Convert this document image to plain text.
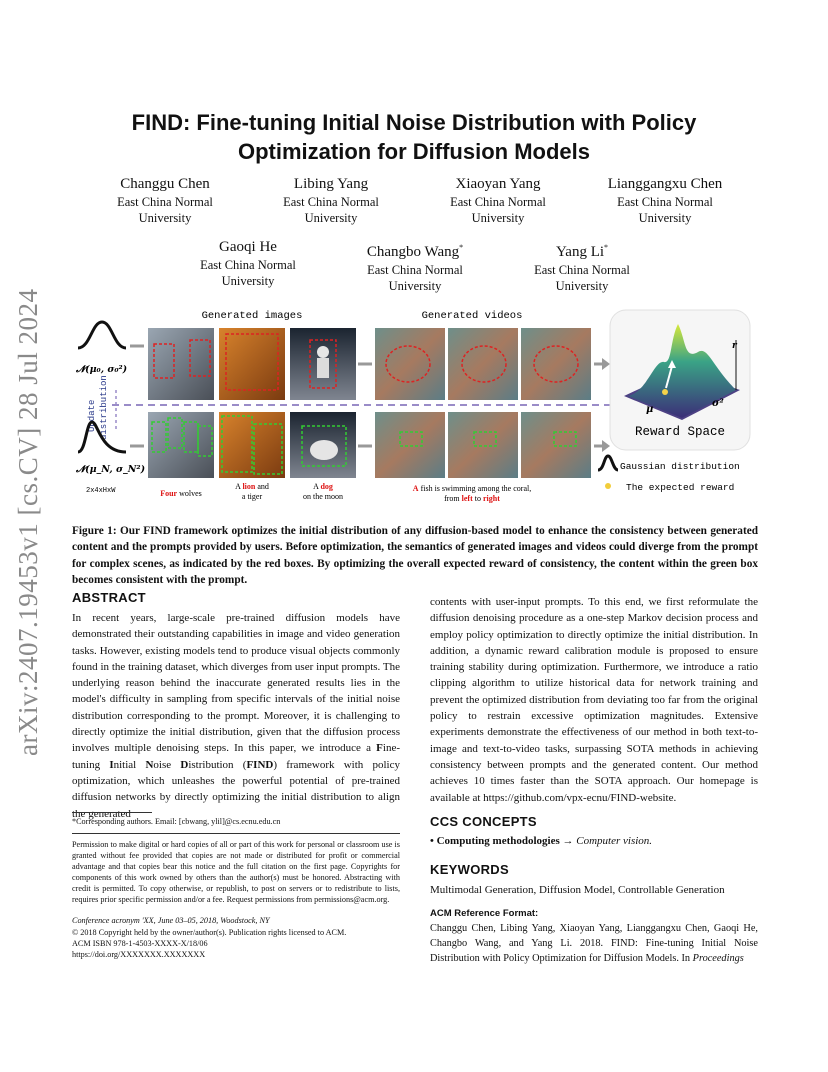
arXiv:2407.19453v1 [cs.CV] 28 Jul 2024
FIND: Fine-tuning Initial Noise Distribution with Policy Optimization for Diffusion Models
Changgu Chen
East China Normal
University
Libing Yang
East China Normal
University
Xiaoyan Yang
East China Normal
University
Lianggangxu Chen
East China Normal
University
Gaoqi He
East China Normal
University
Changbo Wang*
East China Normal
University
Yang Li*
East China Normal
University
Generated images	Generated videos
𝓝(μ₀, σ₀²)
Update distribution
𝓝(μ_N, σ_N²)
2x4xHxW	Four wolves
A lion and
a tiger
A dog
on the moon
A fish is swimming among the coral,
from left to right
r
μ
σ²
Reward Space
Gaussian distribution
The expected reward

Figure 1: Our FIND framework optimizes the initial distribution of any diffusion-based model to enhance the consistency between generated content and the prompts provided by users. Before optimization, the semantics of generated images and videos could diverge from the prompt for complex scenes, as indicated by the red boxes. By optimizing the overall expected reward of consistency, the content within the green box becomes consistent with the prompt.

ABSTRACT

In recent years, large-scale pre-trained diffusion models have demonstrated their outstanding capabilities in image and video generation tasks. However, existing models tend to produce visual objects commonly found in the training dataset, which diverges from user input prompts. The underlying reason behind the inaccurate generated results lies in the model's difficulty in sampling from specific intervals of the initial noise distribution corresponding to the prompt. Moreover, it is challenging to directly optimize the initial distribution, given that the diffusion process involves multiple denoising steps. In this paper, we introduce a Fine-tuning Initial Noise Distribution (FIND) framework with policy optimization, which unleashes the powerful potential of pre-trained diffusion networks by directly optimizing the initial distribution to align the generated

contents with user-input prompts. To this end, we first reformulate the diffusion denoising procedure as a one-step Markov decision process and employ policy optimization to directly optimize the initial distribution. In addition, a dynamic reward calibration module is proposed to ensure training stability during optimization. Furthermore, we introduce a ratio clipping algorithm to utilize historical data for network training and prevent the optimized distribution from deviating too far from the original policy to restrain excessive optimization magnitudes. Extensive experiments demonstrate the effectiveness of our method in both text-to-image and text-to-video tasks, surpassing SOTA methods in achieving consistency between prompts and the generated content. Our method achieves 10 times faster than the SOTA approach. Our homepage is available at https://github.com/vpx-ecnu/FIND-website.

*Corresponding authors. Email: [cbwang, ylil]@cs.ecnu.edu.cn

Permission to make digital or hard copies of all or part of this work for personal or classroom use is granted without fee provided that copies are not made or distributed for profit or commercial advantage and that copies bear this notice and the full citation on the first page. Copyrights for components of this work owned by others than the author(s) must be honored. Abstracting with credit is permitted. To copy otherwise, or republish, to post on servers or to redistribute to lists, requires prior specific permission and/or a fee. Request permissions from permissions@acm.org.

Conference acronym 'XX, June 03–05, 2018, Woodstock, NY

© 2018 Copyright held by the owner/author(s). Publication rights licensed to ACM.

ACM ISBN 978-1-4503-XXXX-X/18/06

https://doi.org/XXXXXXX.XXXXXXX

CCS CONCEPTS

• Computing methodologies → Computer vision.

KEYWORDS

Multimodal Generation, Diffusion Model, Controllable Generation

ACM Reference Format:

Changgu Chen, Libing Yang, Xiaoyan Yang, Lianggangxu Chen, Gaoqi He, Changbo Wang, and Yang Li. 2018. FIND: Fine-tuning Initial Noise Distribution with Policy Optimization for Diffusion Models. In Proceedings
